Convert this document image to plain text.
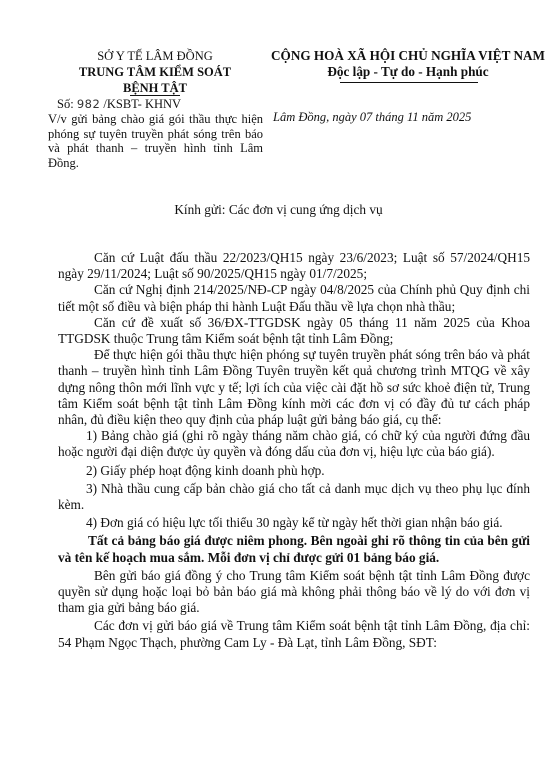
SỞ Y TẾ LÂM ĐỒNG
TRUNG TÂM KIỂM SOÁT
BỆNH TẬT
CỘNG HOÀ XÃ HỘI CHỦ NGHĨA VIỆT NAM
Độc lập - Tự do - Hạnh phúc
Số: 982 /KSBT- KHNV
V/v gửi bảng chào giá gói thầu thực hiện phóng sự tuyên truyền phát sóng trên báo và phát thanh – truyền hình tỉnh Lâm Đồng.
Lâm Đồng, ngày 07 tháng 11 năm 2025
Kính gửi: Các đơn vị cung ứng dịch vụ

Căn cứ Luật đấu thầu 22/2023/QH15 ngày 23/6/2023; Luật số 57/2024/QH15 ngày 29/11/2024; Luật số 90/2025/QH15 ngày 01/7/2025;

Căn cứ Nghị định 214/2025/NĐ-CP ngày 04/8/2025 của Chính phủ Quy định chi tiết một số điều và biện pháp thi hành Luật Đấu thầu về lựa chọn nhà thầu;

Căn cứ đề xuất số 36/ĐX-TTGDSK ngày 05 tháng 11 năm 2025 của Khoa TTGDSK thuộc Trung tâm Kiểm soát bệnh tật tỉnh Lâm Đồng;

Để thực hiện gói thầu thực hiện phóng sự tuyên truyền phát sóng trên báo và phát thanh – truyền hình tỉnh Lâm Đồng Tuyên truyền kết quả chương trình MTQG về xây dựng nông thôn mới lĩnh vực y tế; lợi ích của việc cài đặt hồ sơ sức khoẻ điện tử, Trung tâm Kiểm soát bệnh tật tỉnh Lâm Đồng kính mời các đơn vị có đầy đủ tư cách pháp nhân, đủ điều kiện theo quy định của pháp luật gửi bảng báo giá, cụ thể:

1) Bảng chào giá (ghi rõ ngày tháng năm chào giá, có chữ ký của người đứng đầu hoặc người đại diện được ủy quyền và đóng dấu của đơn vị, hiệu lực của báo giá).

2) Giấy phép hoạt động kinh doanh phù hợp.

3) Nhà thầu cung cấp bản chào giá cho tất cả danh mục dịch vụ theo phụ lục đính kèm.

4) Đơn giá có hiệu lực tối thiểu 30 ngày kể từ ngày hết thời gian nhận báo giá.

Tất cả bảng báo giá được niêm phong. Bên ngoài ghi rõ thông tin của bên gửi và tên kế hoạch mua sắm. Mỗi đơn vị chỉ được gửi 01 bảng báo giá.

Bên gửi báo giá đồng ý cho Trung tâm Kiểm soát bệnh tật tỉnh Lâm Đồng được quyền sử dụng hoặc loại bỏ bản báo giá mà không phải thông báo về lý do với đơn vị tham gia gửi bảng báo giá.

Các đơn vị gửi báo giá về Trung tâm Kiểm soát bệnh tật tỉnh Lâm Đồng, địa chỉ: 54 Phạm Ngọc Thạch, phường Cam Ly - Đà Lạt, tỉnh Lâm Đồng, SĐT:
